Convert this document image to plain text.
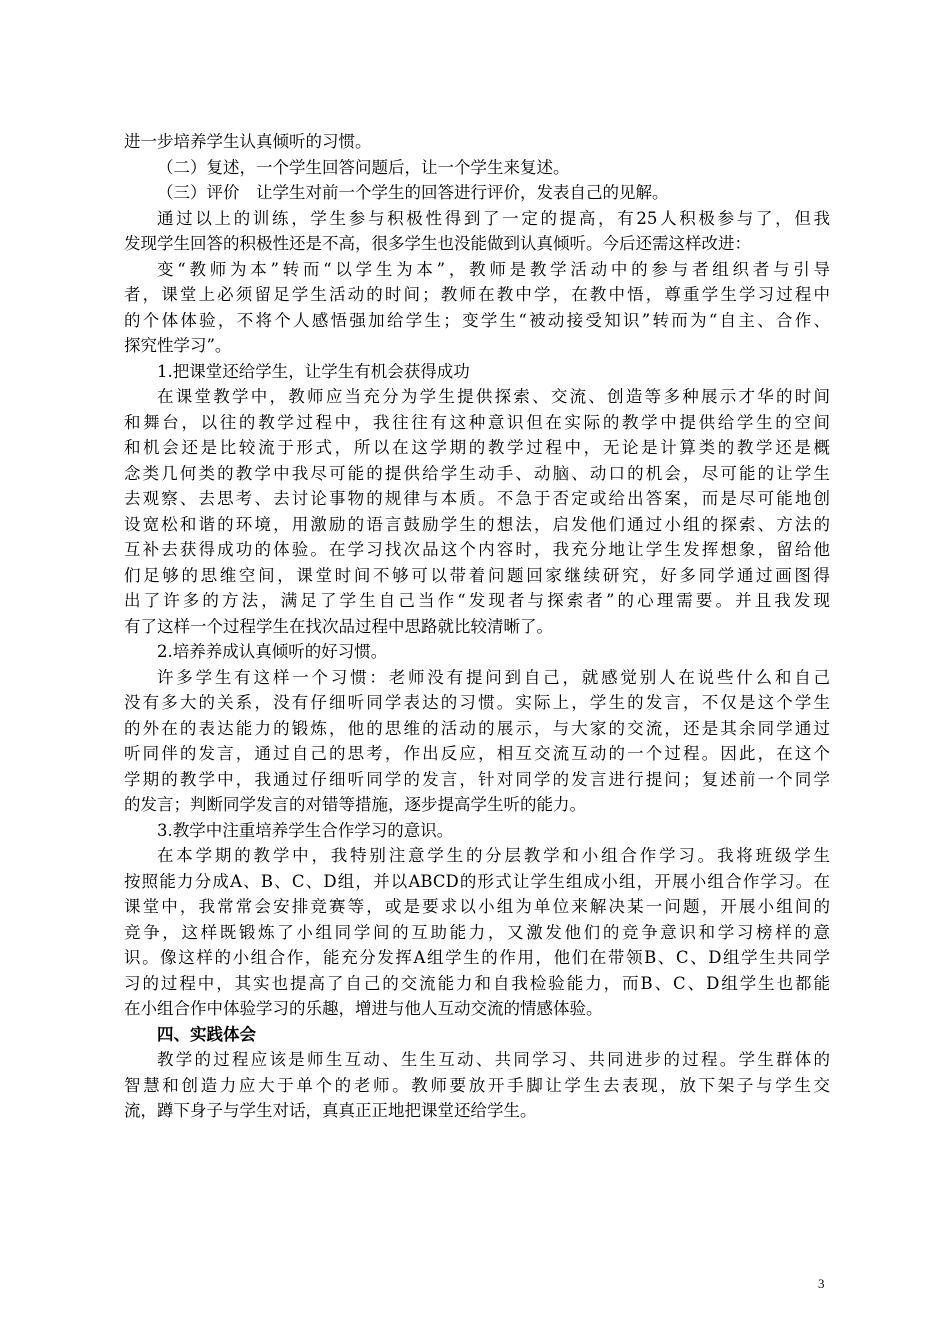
进一步培养学生认真倾听的习惯。
（二）复述，一个学生回答问题后，让一个学生来复述。
（三）评价　让学生对前一个学生的回答进行评价，发表自己的见解。
通过以上的训练，学生参与积极性得到了一定的提高，有25人积极参与了，但我
发现学生回答的积极性还是不高，很多学生也没能做到认真倾听。今后还需这样改进：
变“教师为本”转而“以学生为本”，教师是教学活动中的参与者组织者与引导
者，课堂上必须留足学生活动的时间；教师在教中学，在教中悟，尊重学生学习过程中
的个体体验，不将个人感悟强加给学生；变学生“被动接受知识”转而为“自主、合作、
探究性学习”。
1.把课堂还给学生，让学生有机会获得成功
在课堂教学中，教师应当充分为学生提供探索、交流、创造等多种展示才华的时间
和舞台，以往的教学过程中，我往往有这种意识但在实际的教学中提供给学生的空间
和机会还是比较流于形式，所以在这学期的教学过程中，无论是计算类的教学还是概
念类几何类的教学中我尽可能的提供给学生动手、动脑、动口的机会，尽可能的让学生
去观察、去思考、去讨论事物的规律与本质。不急于否定或给出答案，而是尽可能地创
设宽松和谐的环境，用激励的语言鼓励学生的想法，启发他们通过小组的探索、方法的
互补去获得成功的体验。在学习找次品这个内容时，我充分地让学生发挥想象，留给他
们足够的思维空间，课堂时间不够可以带着问题回家继续研究，好多同学通过画图得
出了许多的方法，满足了学生自己当作“发现者与探索者”的心理需要。并且我发现
有了这样一个过程学生在找次品过程中思路就比较清晰了。
2.培养养成认真倾听的好习惯。
许多学生有这样一个习惯：老师没有提问到自己，就感觉别人在说些什么和自己
没有多大的关系，没有仔细听同学表达的习惯。实际上，学生的发言，不仅是这个学生
的外在的表达能力的锻炼，他的思维的活动的展示，与大家的交流，还是其余同学通过
听同伴的发言，通过自己的思考，作出反应，相互交流互动的一个过程。因此，在这个
学期的教学中，我通过仔细听同学的发言，针对同学的发言进行提问；复述前一个同学
的发言；判断同学发言的对错等措施，逐步提高学生听的能力。
3.教学中注重培养学生合作学习的意识。
在本学期的教学中，我特别注意学生的分层教学和小组合作学习。我将班级学生
按照能力分成A、B、C、D组，并以ABCD的形式让学生组成小组，开展小组合作学习。在
课堂中，我常常会安排竞赛等，或是要求以小组为单位来解决某一问题，开展小组间的
竞争，这样既锻炼了小组同学间的互助能力，又激发他们的竞争意识和学习榜样的意
识。像这样的小组合作，能充分发挥A组学生的作用，他们在带领B、C、D组学生共同学
习的过程中，其实也提高了自己的交流能力和自我检验能力，而B、C、D组学生也都能
在小组合作中体验学习的乐趣，增进与他人互动交流的情感体验。
四、实践体会
教学的过程应该是师生互动、生生互动、共同学习、共同进步的过程。学生群体的
智慧和创造力应大于单个的老师。教师要放开手脚让学生去表现，放下架子与学生交
流，蹲下身子与学生对话，真真正正地把课堂还给学生。
3
